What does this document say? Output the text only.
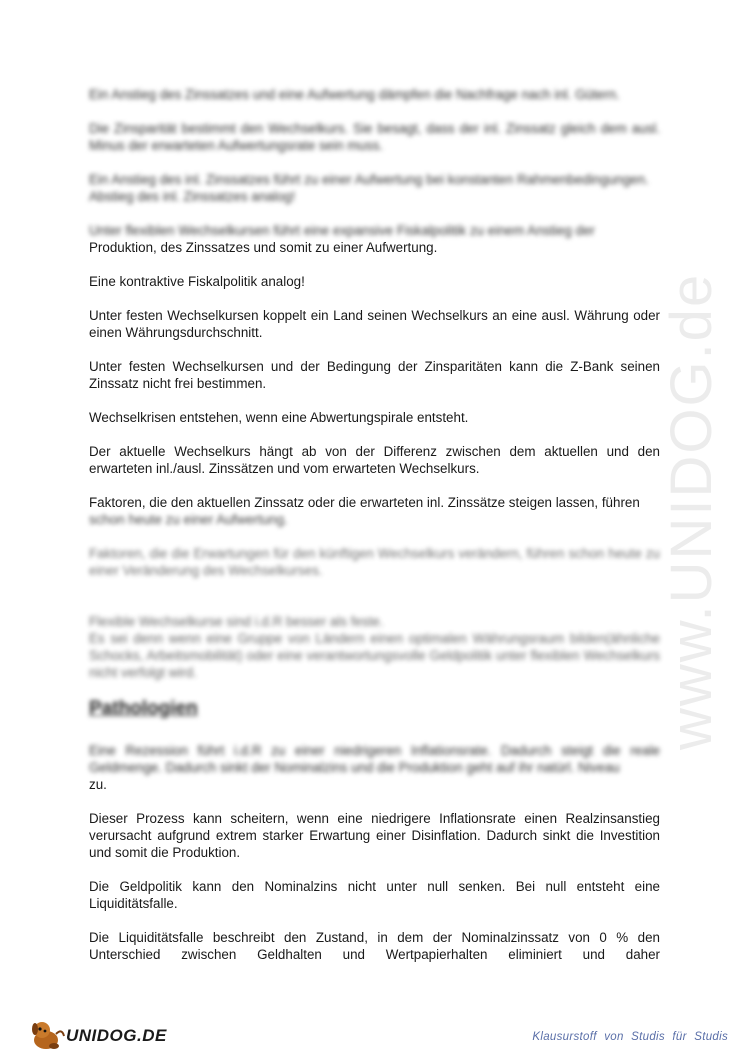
www.UNIDOG.de

Ein Anstieg des Zinssatzes und eine Aufwertung dämpfen die Nachfrage nach inl. Gütern.

Die Zinsparität bestimmt den Wechselkurs. Sie besagt, dass der inl. Zinssatz gleich dem ausl. Minus der erwarteten Aufwertungsrate sein muss.

Ein Anstieg des inl. Zinssatzes führt zu einer Aufwertung bei konstanten Rahmenbedingungen.
Abstieg des inl. Zinssatzes analog!

Unter flexiblen Wechselkursen führt eine expansive Fiskalpolitik zu einem Anstieg der
Produktion, des Zinssatzes und somit zu einer Aufwertung.

Eine kontraktive Fiskalpolitik analog!

Unter festen Wechselkursen koppelt ein Land seinen Wechselkurs an eine ausl. Währung oder einen Währungsdurchschnitt.

Unter festen Wechselkursen und der Bedingung der Zinsparitäten kann die Z-Bank seinen Zinssatz nicht frei bestimmen.

Wechselkrisen entstehen, wenn eine Abwertungspirale entsteht.

Der aktuelle Wechselkurs hängt ab von der Differenz zwischen dem aktuellen und den erwarteten inl./ausl. Zinssätzen und vom erwarteten Wechselkurs.

Faktoren, die den aktuellen Zinssatz oder die erwarteten inl. Zinssätze steigen lassen, führen
schon heute zu einer Aufwertung.

Faktoren, die die Erwartungen für den künftigen Wechselkurs verändern, führen schon heute zu einer Veränderung des Wechselkurses.

Flexible Wechselkurse sind i.d.R besser als feste.
Es sei denn wenn eine Gruppe von Ländern einen optimalen Währungsraum bilden(ähnliche Schocks, Arbeitsmobilität) oder eine verantwortungsvolle Geldpolitik unter flexiblen Wechselkurs nicht verfolgt wird.

Pathologien
Eine Rezession führt i.d.R zu einer niedrigeren Inflationsrate. Dadurch steigt die reale Geldmenge. Dadurch sinkt der Nominalzins und die Produktion geht auf ihr natürl. Niveau
zu.

Dieser Prozess kann scheitern, wenn eine niedrigere Inflationsrate einen Realzinsanstieg verursacht aufgrund extrem starker Erwartung einer Disinflation. Dadurch sinkt die Investition und somit die Produktion.

Die Geldpolitik kann den Nominalzins nicht unter null senken. Bei null entsteht eine Liquiditätsfalle.

Die Liquiditätsfalle beschreibt den Zustand, in dem der Nominalzinssatz von 0 % den Unterschied zwischen Geldhalten und Wertpapierhalten eliminiert und daher

UNIDOG.DE	Klausurstoff von Studis für Studis
